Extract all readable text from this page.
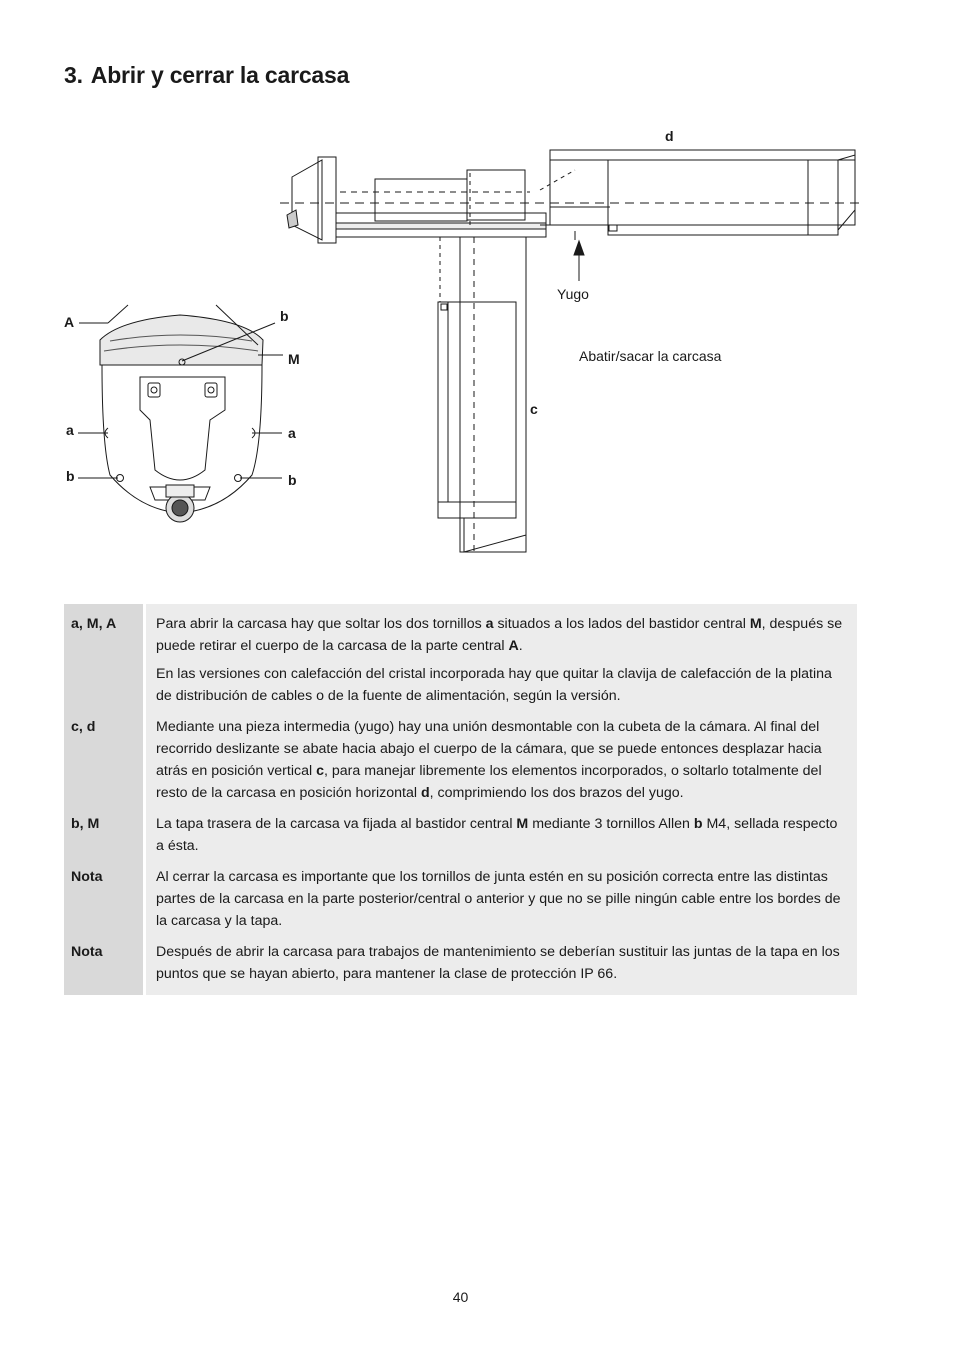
3. Abrir y cerrar la carcasa
d
Yugo
A	b
M	Abatir/sacar la carcasa
c
a	a
b	b
a, M, A	Para abrir la carcasa hay que soltar los dos tornillos a situados a los lados del bastidor central M, después se puede retirar el cuerpo de la carcasa de la parte central A.

En las versiones con calefacción del cristal incorporada hay que quitar la clavija de calefacción de la platina de distribución de cables o de la fuente de alimentación, según la versión.

c, d	Mediante una pieza intermedia (yugo) hay una unión desmontable con la cubeta de la cámara. Al final del recorrido deslizante se abate hacia abajo el cuerpo de la cámara, que se puede entonces desplazar hacia atrás en posición vertical c, para manejar libremente los elementos incorporados, o soltarlo totalmente del resto de la carcasa en posición horizontal d, comprimiendo los dos brazos del yugo.

b, M	La tapa trasera de la carcasa va fijada al bastidor central M mediante 3 tornillos Allen b M4, sellada respecto a ésta.

Nota	Al cerrar la carcasa es importante que los tornillos de junta estén en su posición correcta entre las distintas partes de la carcasa en la parte posterior/central o anterior y que no se pille ningún cable entre los bordes de la carcasa y la tapa.

Nota	Después de abrir la carcasa para trabajos de mantenimiento se deberían sustituir las juntas de la tapa en los puntos que se hayan abierto, para mantener la clase de protección IP 66.

40
